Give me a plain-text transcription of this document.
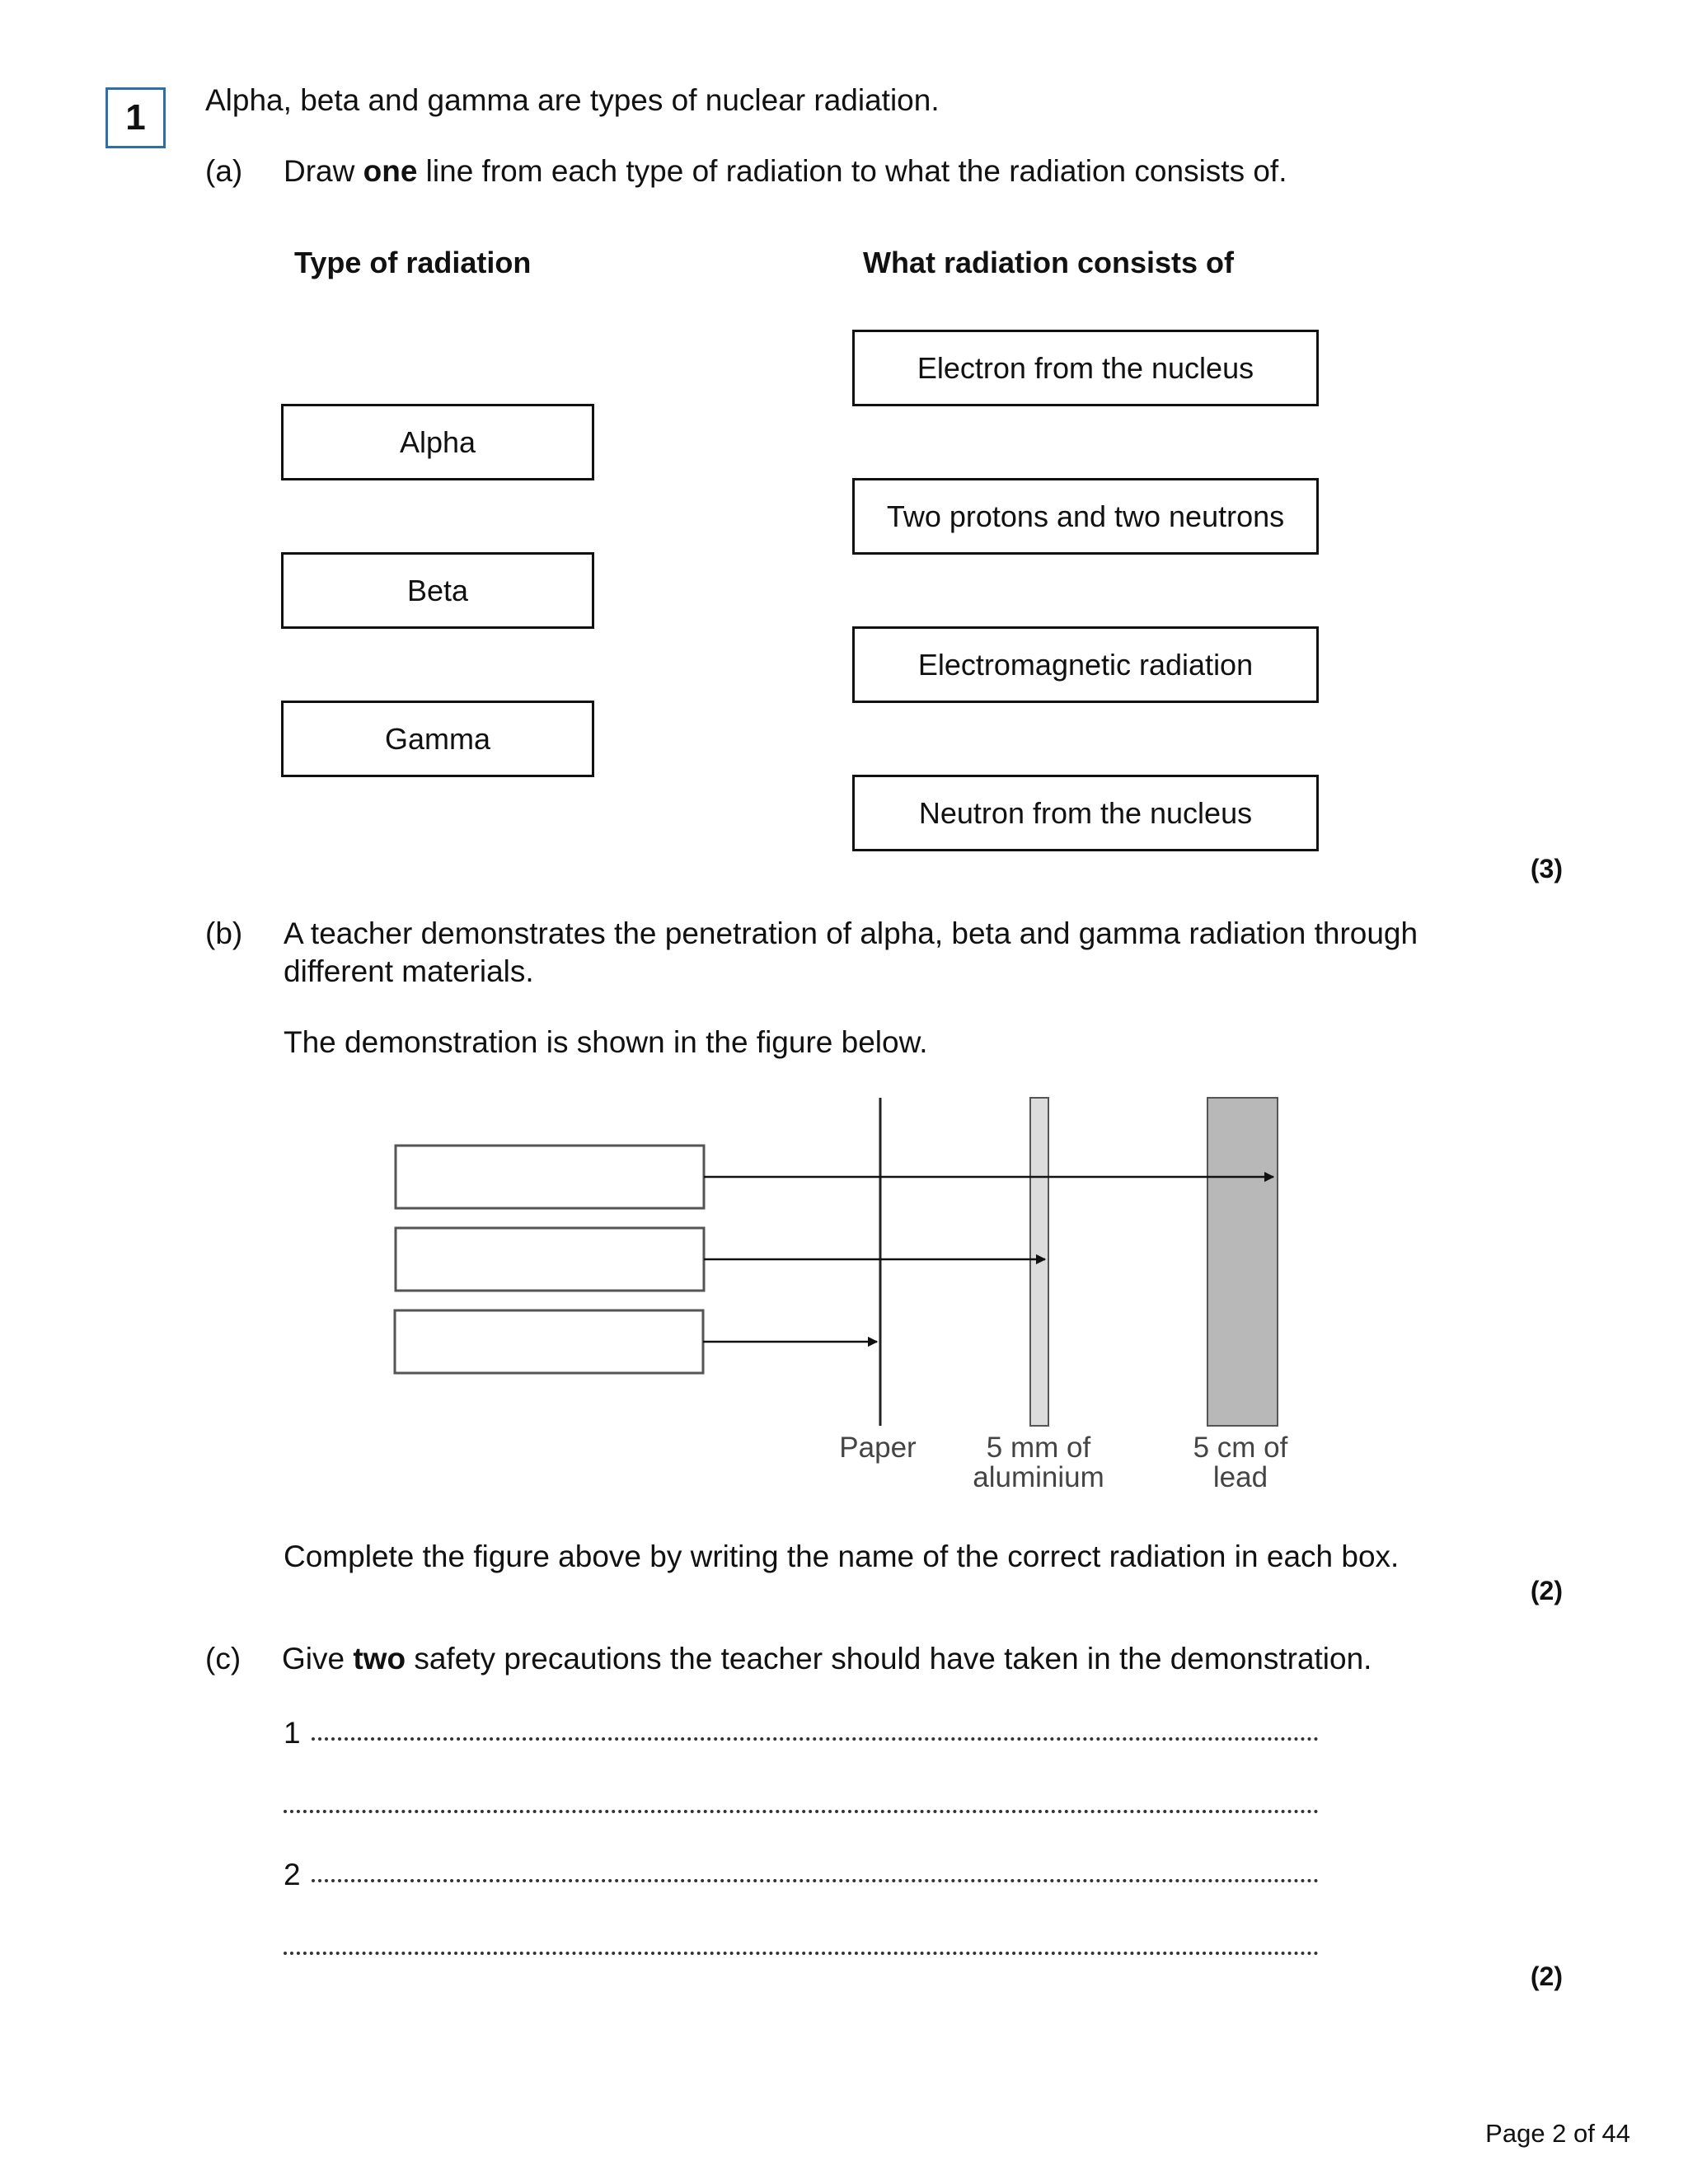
1	Alpha, beta and gamma are types of nuclear radiation.
(a) Draw one line from each type of radiation to what the radiation consists of.
Type of radiation	What radiation consists of
Alpha
Beta
Gamma
Electron from the nucleus
Two protons and two neutrons
Electromagnetic radiation
Neutron from the nucleus
(3)
(b) A teacher demonstrates the penetration of alpha, beta and gamma radiation through
different materials.
The demonstration is shown in the figure below.
Paper	5 mm of
aluminium
5 cm of
lead
Complete the figure above by writing the name of the correct radiation in each box.
(2)
(c) Give two safety precautions the teacher should have taken in the demonstration.
1
2
(2)
Page 2 of 44
